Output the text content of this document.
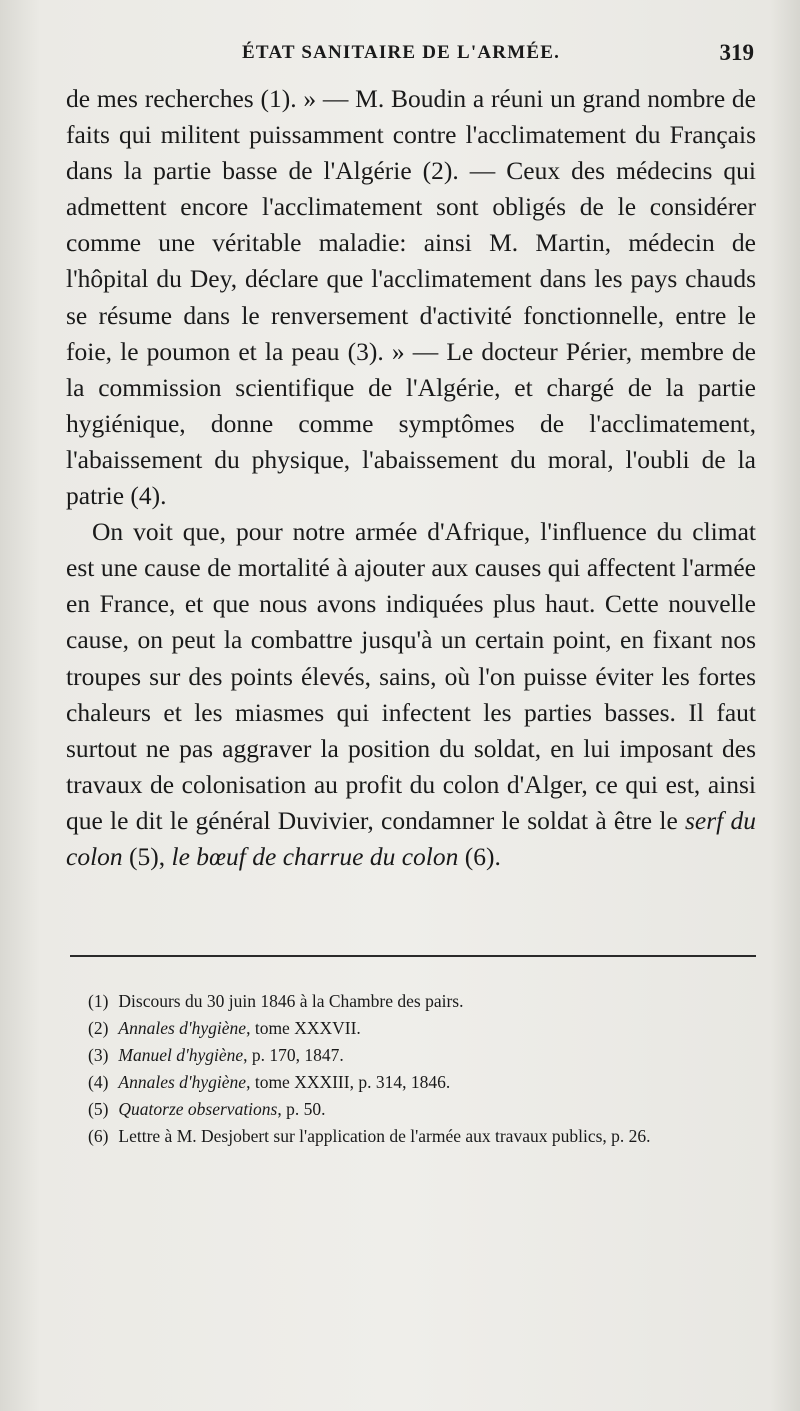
ÉTAT SANITAIRE DE L'ARMÉE.	319

de mes recherches (1). » — M. Boudin a réuni un grand nombre de faits qui militent puissamment contre l'acclimatement du Français dans la partie basse de l'Algérie (2). — Ceux des médecins qui admettent encore l'acclimatement sont obligés de le considérer comme une véritable maladie: ainsi M. Martin, médecin de l'hôpital du Dey, déclare que l'acclimatement dans les pays chauds se résume dans le renversement d'activité fonctionnelle, entre le foie, le poumon et la peau (3). » — Le docteur Périer, membre de la commission scientifique de l'Algérie, et chargé de la partie hygiénique, donne comme symptômes de l'acclimatement, l'abaissement du physique, l'abaissement du moral, l'oubli de la patrie (4).

On voit que, pour notre armée d'Afrique, l'influence du climat est une cause de mortalité à ajouter aux causes qui affectent l'armée en France, et que nous avons indiquées plus haut. Cette nouvelle cause, on peut la combattre jusqu'à un certain point, en fixant nos troupes sur des points élevés, sains, où l'on puisse éviter les fortes chaleurs et les miasmes qui infectent les parties basses. Il faut surtout ne pas aggraver la position du soldat, en lui imposant des travaux de colonisation au profit du colon d'Alger, ce qui est, ainsi que le dit le général Duvivier, condamner le soldat à être le serf du colon (5), le bœuf de charrue du colon (6).

(1) Discours du 30 juin 1846 à la Chambre des pairs.

(2) Annales d'hygiène, tome XXXVII.

(3) Manuel d'hygiène, p. 170, 1847.

(4) Annales d'hygiène, tome XXXIII, p. 314, 1846.

(5) Quatorze observations, p. 50.

(6) Lettre à M. Desjobert sur l'application de l'armée aux travaux publics, p. 26.
